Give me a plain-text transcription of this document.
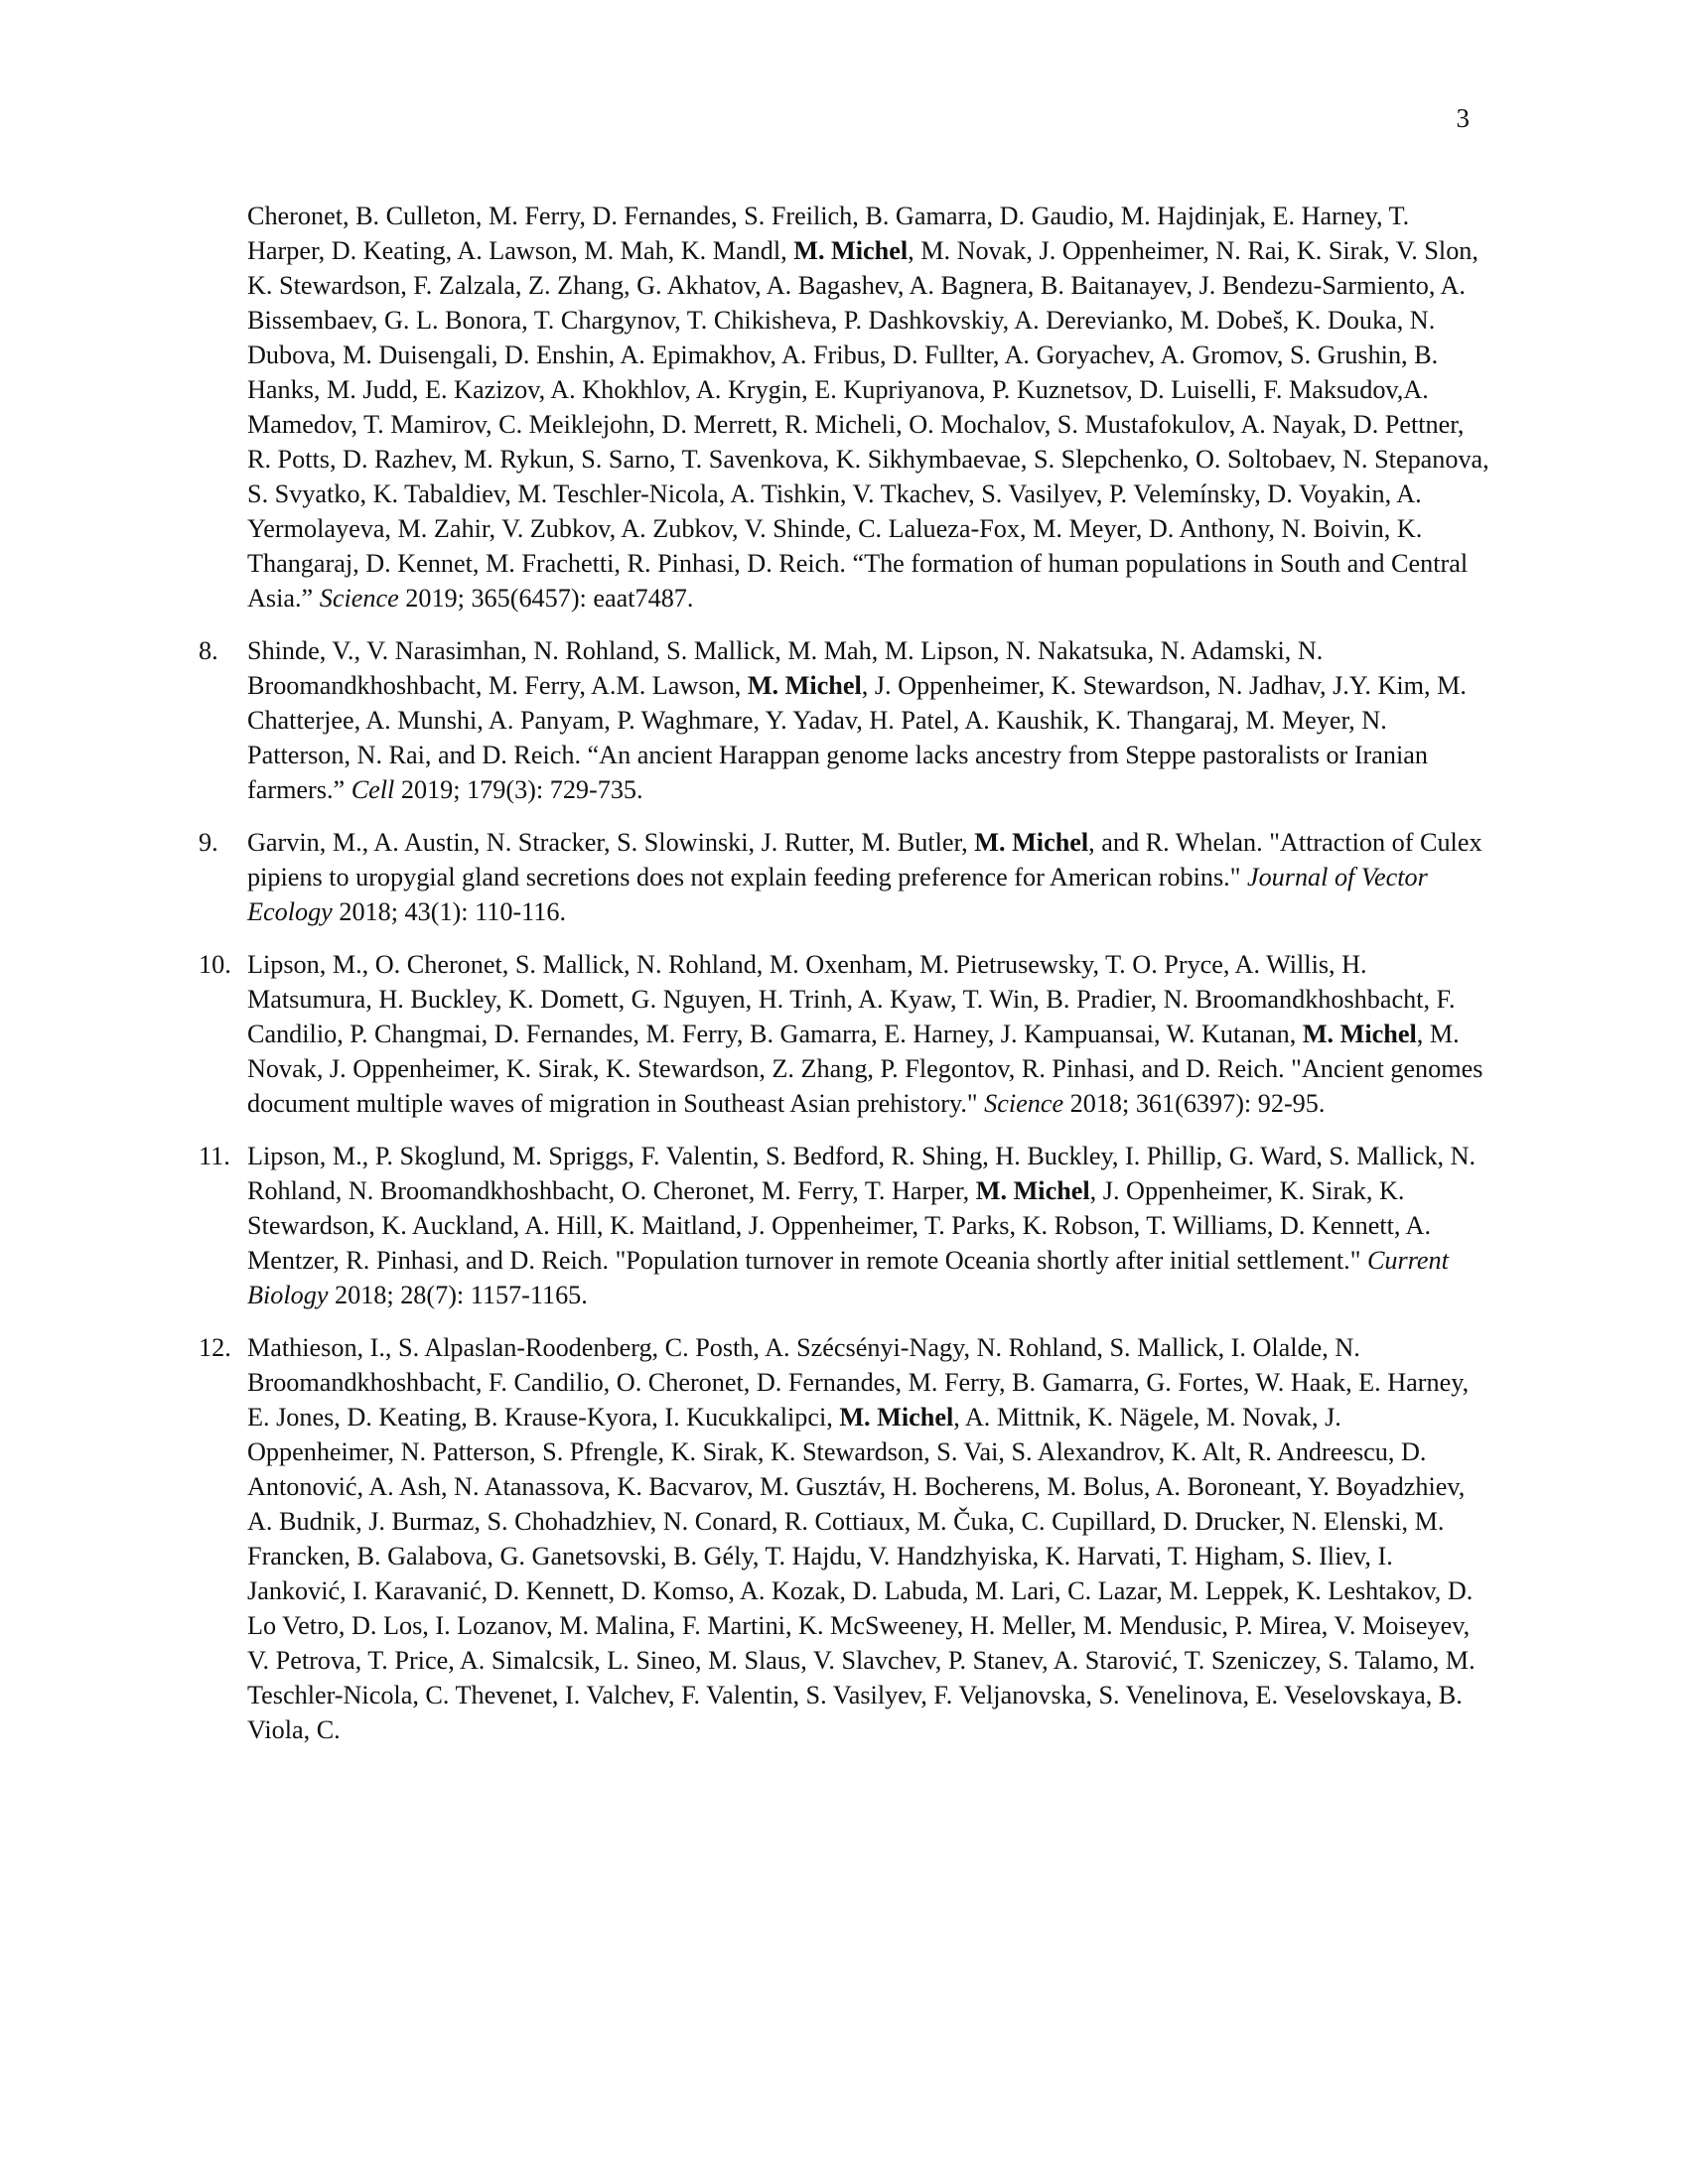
3
Cheronet, B. Culleton, M. Ferry, D. Fernandes, S. Freilich, B. Gamarra, D. Gaudio, M. Hajdinjak, E. Harney, T. Harper, D. Keating, A. Lawson, M. Mah, K. Mandl, M. Michel, M. Novak, J. Oppenheimer, N. Rai, K. Sirak, V. Slon, K. Stewardson, F. Zalzala, Z. Zhang, G. Akhatov, A. Bagashev, A. Bagnera, B. Baitanayev, J. Bendezu-Sarmiento, A. Bissembaev, G. L. Bonora, T. Chargynov, T. Chikisheva, P. Dashkovskiy, A. Derevianko, M. Dobeš, K. Douka, N. Dubova, M. Duisengali, D. Enshin, A. Epimakhov, A. Fribus, D. Fullter, A. Goryachev, A. Gromov, S. Grushin, B. Hanks, M. Judd, E. Kazizov, A. Khokhlov, A. Krygin, E. Kupriyanova, P. Kuznetsov, D. Luiselli, F. Maksudov,A. Mamedov, T. Mamirov, C. Meiklejohn, D. Merrett, R. Micheli, O. Mochalov, S. Mustafokulov, A. Nayak, D. Pettner, R. Potts, D. Razhev, M. Rykun, S. Sarno, T. Savenkova, K. Sikhymbaevae, S. Slepchenko, O. Soltobaev, N. Stepanova, S. Svyatko, K. Tabaldiev, M. Teschler-Nicola, A. Tishkin, V. Tkachev, S. Vasilyev, P. Velemínsky, D. Voyakin, A. Yermolayeva, M. Zahir, V. Zubkov, A. Zubkov, V. Shinde, C. Lalueza-Fox, M. Meyer, D. Anthony, N. Boivin, K. Thangaraj, D. Kennet, M. Frachetti, R. Pinhasi, D. Reich. “The formation of human populations in South and Central Asia.” Science 2019; 365(6457): eaat7487.
8.	Shinde, V., V. Narasimhan, N. Rohland, S. Mallick, M. Mah, M. Lipson, N. Nakatsuka, N. Adamski, N. Broomandkhoshbacht, M. Ferry, A.M. Lawson, M. Michel, J. Oppenheimer, K. Stewardson, N. Jadhav, J.Y. Kim, M. Chatterjee, A. Munshi, A. Panyam, P. Waghmare, Y. Yadav, H. Patel, A. Kaushik, K. Thangaraj, M. Meyer, N. Patterson, N. Rai, and D. Reich. “An ancient Harappan genome lacks ancestry from Steppe pastoralists or Iranian farmers.” Cell 2019; 179(3): 729-735.
9.	Garvin, M., A. Austin, N. Stracker, S. Slowinski, J. Rutter, M. Butler, M. Michel, and R. Whelan. "Attraction of Culex pipiens to uropygial gland secretions does not explain feeding preference for American robins." Journal of Vector Ecology 2018; 43(1): 110-116.
10. Lipson, M., O. Cheronet, S. Mallick, N. Rohland, M. Oxenham, M. Pietrusewsky, T. O. Pryce, A. Willis, H. Matsumura, H. Buckley, K. Domett, G. Nguyen, H. Trinh, A. Kyaw, T. Win, B. Pradier, N. Broomandkhoshbacht, F. Candilio, P. Changmai, D. Fernandes, M. Ferry, B. Gamarra, E. Harney, J. Kampuansai, W. Kutanan, M. Michel, M. Novak, J. Oppenheimer, K. Sirak, K. Stewardson, Z. Zhang, P. Flegontov, R. Pinhasi, and D. Reich. "Ancient genomes document multiple waves of migration in Southeast Asian prehistory." Science 2018; 361(6397): 92-95.
11. Lipson, M., P. Skoglund, M. Spriggs, F. Valentin, S. Bedford, R. Shing, H. Buckley, I. Phillip, G. Ward, S. Mallick, N. Rohland, N. Broomandkhoshbacht, O. Cheronet, M. Ferry, T. Harper, M. Michel, J. Oppenheimer, K. Sirak, K. Stewardson, K. Auckland, A. Hill, K. Maitland, J. Oppenheimer, T. Parks, K. Robson, T. Williams, D. Kennett, A. Mentzer, R. Pinhasi, and D. Reich. "Population turnover in remote Oceania shortly after initial settlement." Current Biology 2018; 28(7): 1157-1165.
12. Mathieson, I., S. Alpaslan-Roodenberg, C. Posth, A. Szécsényi-Nagy, N. Rohland, S. Mallick, I. Olalde, N. Broomandkhoshbacht, F. Candilio, O. Cheronet, D. Fernandes, M. Ferry, B. Gamarra, G. Fortes, W. Haak, E. Harney, E. Jones, D. Keating, B. Krause-Kyora, I. Kucukkalipci, M. Michel, A. Mittnik, K. Nägele, M. Novak, J. Oppenheimer, N. Patterson, S. Pfrengle, K. Sirak, K. Stewardson, S. Vai, S. Alexandrov, K. Alt, R. Andreescu, D. Antonović, A. Ash, N. Atanassova, K. Bacvarov, M. Gusztáv, H. Bocherens, M. Bolus, A. Boroneant, Y. Boyadzhiev, A. Budnik, J. Burmaz, S. Chohadzhiev, N. Conard, R. Cottiaux, M. Čuka, C. Cupillard, D. Drucker, N. Elenski, M. Francken, B. Galabova, G. Ganetsovski, B. Gély, T. Hajdu, V. Handzhyiska, K. Harvati, T. Higham, S. Iliev, I. Janković, I. Karavanić, D. Kennett, D. Komso, A. Kozak, D. Labuda, M. Lari, C. Lazar, M. Leppek, K. Leshtakov, D. Lo Vetro, D. Los, I. Lozanov, M. Malina, F. Martini, K. McSweeney, H. Meller, M. Mendusic, P. Mirea, V. Moiseyev, V. Petrova, T. Price, A. Simalcsik, L. Sineo, M. Slaus, V. Slavchev, P. Stanev, A. Starović, T. Szeniczey, S. Talamo, M. Teschler-Nicola, C. Thevenet, I. Valchev, F. Valentin, S. Vasilyev, F. Veljanovska, S. Venelinova, E. Veselovskaya, B. Viola, C.
